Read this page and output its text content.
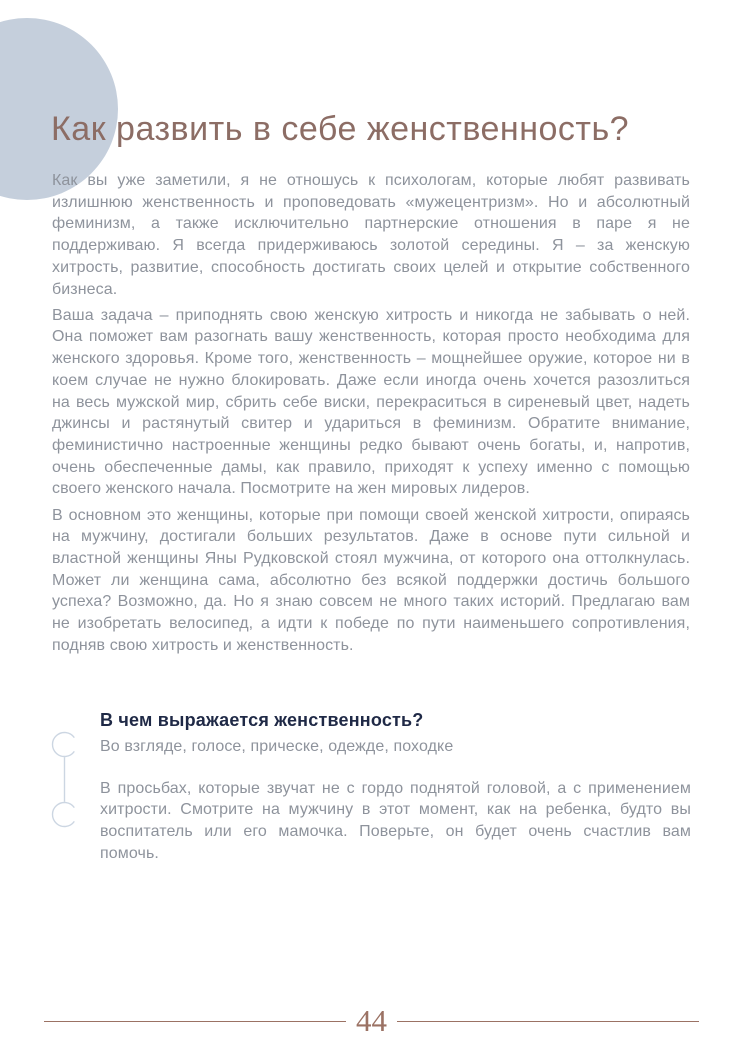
Как развить в себе женственность?

Как вы уже заметили, я не отношусь к психологам, которые любят развивать излишнюю женственность и проповедовать «мужецентризм». Но и абсолютный феминизм, а также исключительно партнерские отношения в паре я не поддерживаю. Я всегда придерживаюсь золотой середины. Я – за женскую хитрость, развитие, способность достигать своих целей и открытие собственного бизнеса.

Ваша задача – приподнять свою женскую хитрость и никогда не забывать о ней. Она поможет вам разогнать вашу женственность, которая просто необходима для женского здоровья. Кроме того, женственность – мощнейшее оружие, которое ни в коем случае не нужно блокировать. Даже если иногда очень хочется разозлиться на весь мужской мир, сбрить себе виски, перекраситься в сиреневый цвет, надеть джинсы и растянутый свитер и удариться в феминизм. Обратите внимание, феминистично настроенные женщины редко бывают очень богаты, и, напротив, очень обеспеченные дамы, как правило, приходят к успеху именно с помощью своего женского начала. Посмотрите на жен мировых лидеров.

В основном это женщины, которые при помощи своей женской хитрости, опираясь на мужчину, достигали больших результатов. Даже в основе пути сильной и властной женщины Яны Рудковской стоял мужчина, от которого она оттолкнулась. Может ли женщина сама, абсолютно без всякой поддержки достичь большого успеха? Возможно, да. Но я знаю совсем не много таких историй. Предлагаю вам не изобретать велосипед, а идти к победе по пути наименьшего сопротивления, подняв свою хитрость и женственность.

В чем выражается женственность?
Во взгляде, голосе, прическе, одежде, походке
В просьбах, которые звучат не с гордо поднятой головой, а с применением хитрости. Смотрите на мужчину в этот момент, как на ребенка, будто вы воспитатель или его мамочка. Поверьте, он будет очень счастлив вам помочь.
44
